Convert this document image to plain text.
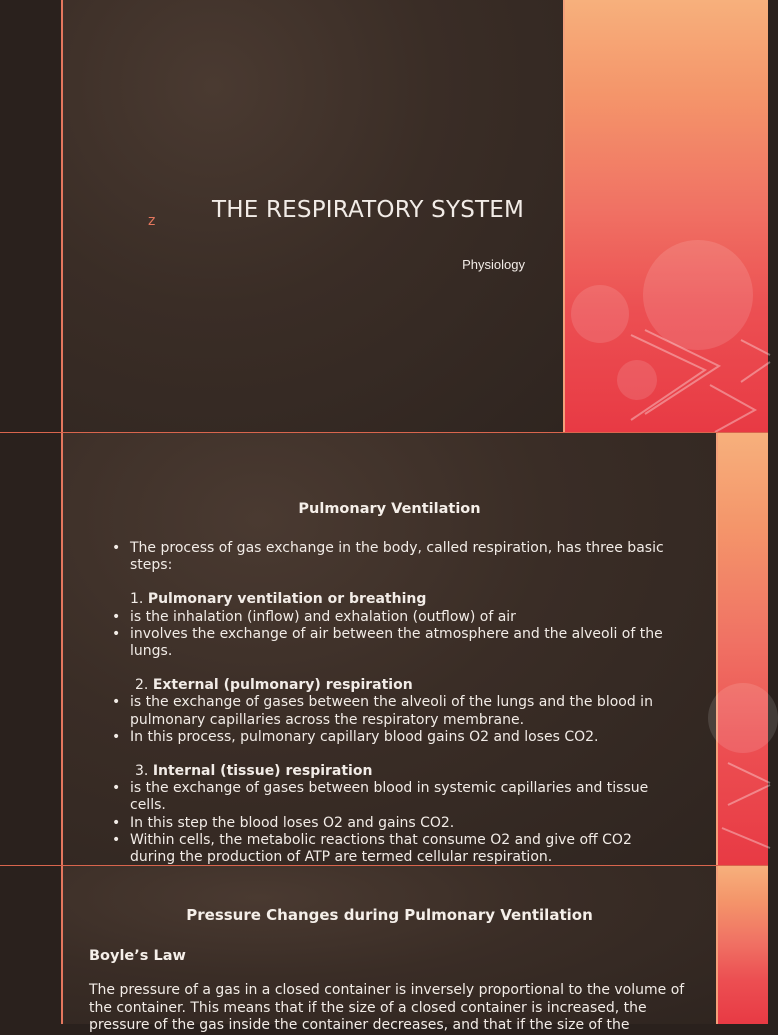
z THE RESPIRATORY SYSTEM
Physiology
Pulmonary Ventilation
• The process of gas exchange in the body, called respiration, has three basic steps:
1. Pulmonary ventilation or breathing
• is the inhalation (inflow) and exhalation (outflow) of air
• involves the exchange of air between the atmosphere and the alveoli of the lungs.
2. External (pulmonary) respiration
• is the exchange of gases between the alveoli of the lungs and the blood in pulmonary capillaries across the respiratory membrane.
• In this process, pulmonary capillary blood gains O2 and loses CO2.
3. Internal (tissue) respiration
• is the exchange of gases between blood in systemic capillaries and tissue cells.
• In this step the blood loses O2 and gains CO2.
• Within cells, the metabolic reactions that consume O2 and give off CO2 during the production of ATP are termed cellular respiration.
Pressure Changes during Pulmonary Ventilation
Boyle’s Law

The pressure of a gas in a closed container is inversely proportional to the volume of the container. This means that if the size of a closed container is increased, the pressure of the gas inside the container decreases, and that if the size of the
